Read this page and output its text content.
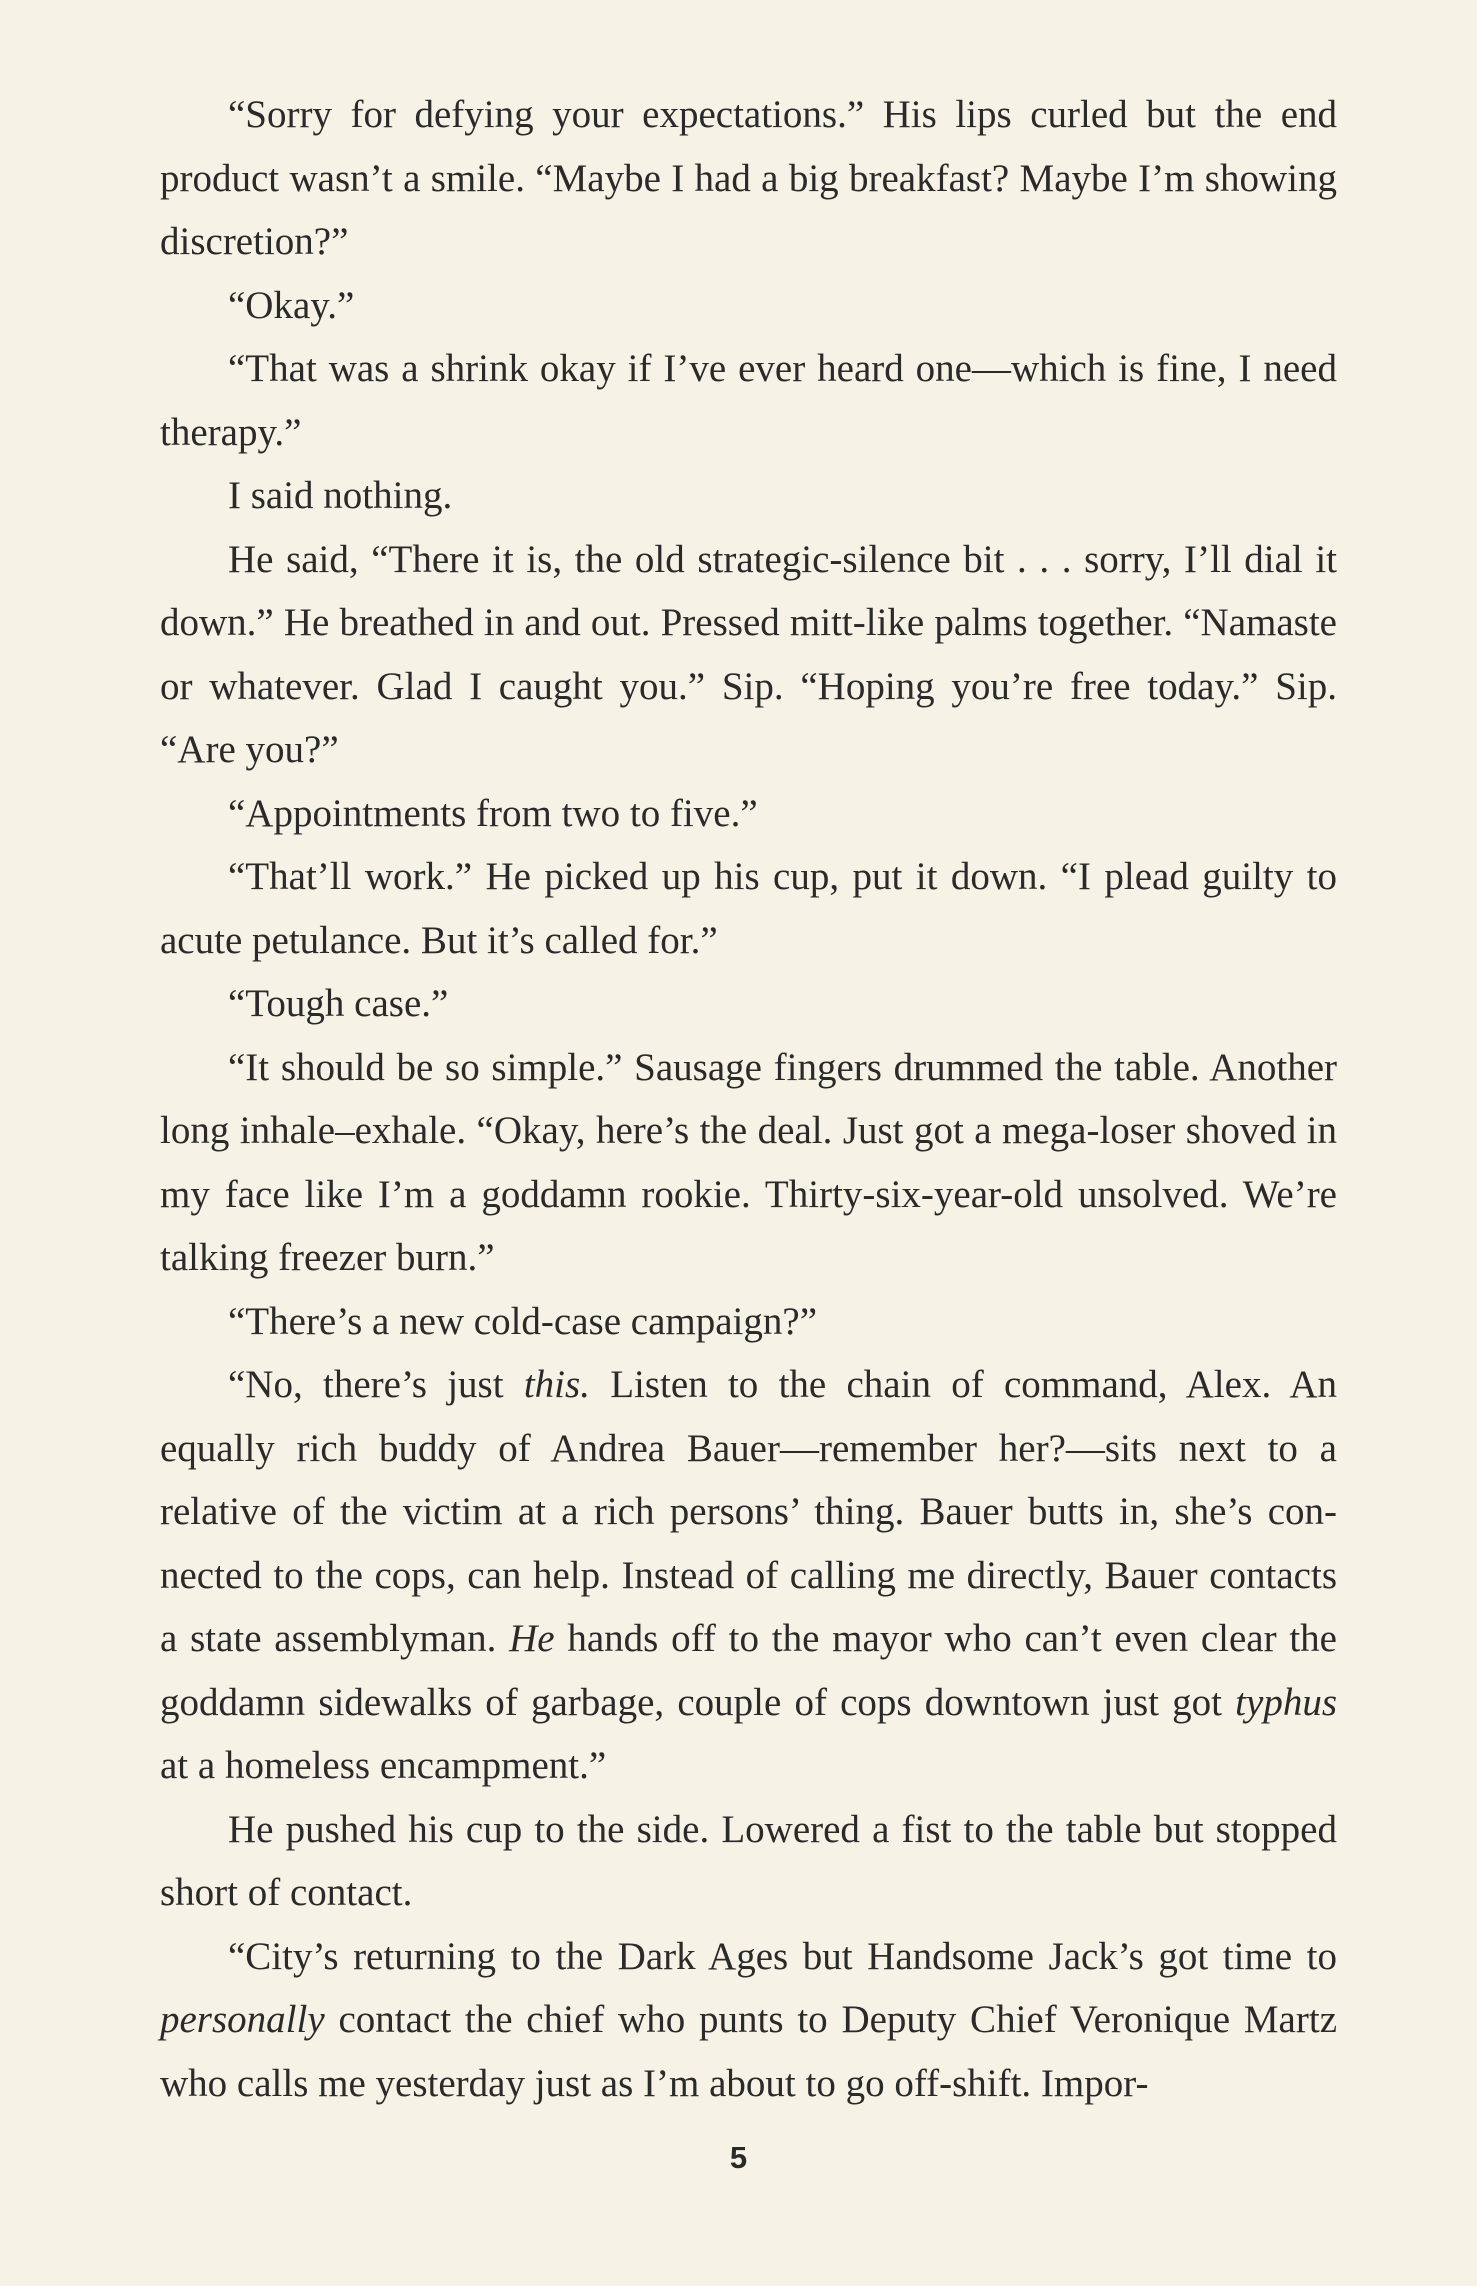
“Sorry for defying your expectations.” His lips curled but the end product wasn’t a smile. “Maybe I had a big breakfast? Maybe I’m showing discretion?”

“Okay.”

“That was a shrink okay if I’ve ever heard one—which is fine, I need therapy.”

I said nothing.

He said, “There it is, the old strategic-silence bit . . . sorry, I’ll dial it down.” He breathed in and out. Pressed mitt-like palms together. “Namaste or whatever. Glad I caught you.” Sip. “Hoping you’re free today.” Sip. “Are you?”

“Appointments from two to five.”

“That’ll work.” He picked up his cup, put it down. “I plead guilty to acute petulance. But it’s called for.”

“Tough case.”

“It should be so simple.” Sausage fingers drummed the table. Another long inhale–exhale. “Okay, here’s the deal. Just got a mega-loser shoved in my face like I’m a goddamn rookie. Thirty-six-year-old unsolved. We’re talking freezer burn.”

“There’s a new cold-case campaign?”

“No, there’s just this. Listen to the chain of command, Alex. An equally rich buddy of Andrea Bauer—remember her?—sits next to a relative of the victim at a rich persons’ thing. Bauer butts in, she’s connected to the cops, can help. Instead of calling me directly, Bauer contacts a state assemblyman. He hands off to the mayor who can’t even clear the goddamn sidewalks of garbage, couple of cops downtown just got typhus at a homeless encampment.”

He pushed his cup to the side. Lowered a fist to the table but stopped short of contact.

“City’s returning to the Dark Ages but Handsome Jack’s got time to personally contact the chief who punts to Deputy Chief Veronique Martz who calls me yesterday just as I’m about to go off-shift. Impor-

5
